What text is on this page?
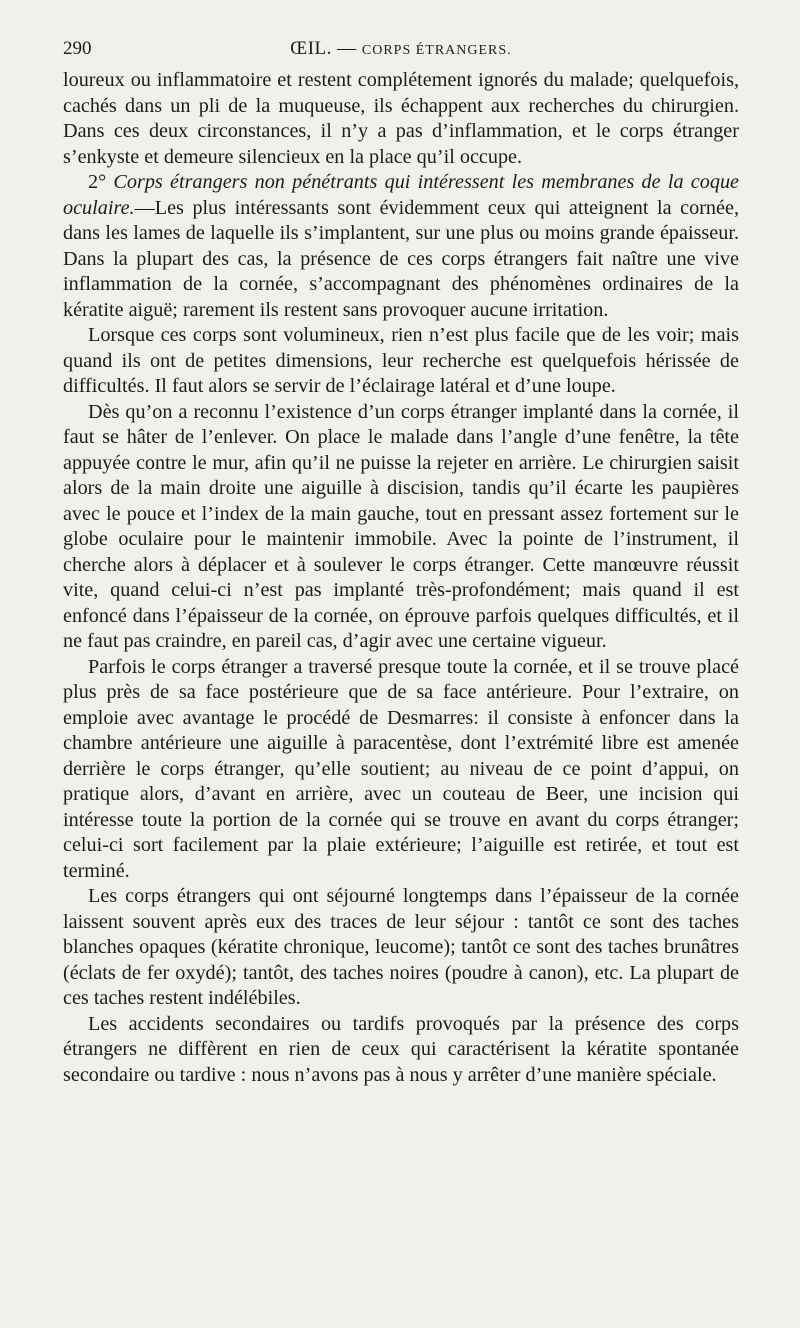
290	ŒIL. — CORPS ÉTRANGERS.

loureux ou inflammatoire et restent complétement ignorés du malade; quelquefois, cachés dans un pli de la muqueuse, ils échappent aux recherches du chirurgien. Dans ces deux circonstances, il n’y a pas d’inflammation, et le corps étranger s’enkyste et demeure silencieux en la place qu’il occupe.

2° Corps étrangers non pénétrants qui intéressent les membranes de la coque oculaire.—Les plus intéressants sont évidemment ceux qui atteignent la cornée, dans les lames de laquelle ils s’implantent, sur une plus ou moins grande épaisseur. Dans la plupart des cas, la présence de ces corps étrangers fait naître une vive inflammation de la cornée, s’accompagnant des phénomènes ordinaires de la kératite aiguë; rarement ils restent sans provoquer aucune irritation.

Lorsque ces corps sont volumineux, rien n’est plus facile que de les voir; mais quand ils ont de petites dimensions, leur recherche est quelquefois hérissée de difficultés. Il faut alors se servir de l’éclairage latéral et d’une loupe.

Dès qu’on a reconnu l’existence d’un corps étranger implanté dans la cornée, il faut se hâter de l’enlever. On place le malade dans l’angle d’une fenêtre, la tête appuyée contre le mur, afin qu’il ne puisse la rejeter en arrière. Le chirurgien saisit alors de la main droite une aiguille à discision, tandis qu’il écarte les paupières avec le pouce et l’index de la main gauche, tout en pressant assez fortement sur le globe oculaire pour le maintenir immobile. Avec la pointe de l’instrument, il cherche alors à déplacer et à soulever le corps étranger. Cette manœuvre réussit vite, quand celui-ci n’est pas implanté très-profondément; mais quand il est enfoncé dans l’épaisseur de la cornée, on éprouve parfois quelques difficultés, et il ne faut pas craindre, en pareil cas, d’agir avec une certaine vigueur.

Parfois le corps étranger a traversé presque toute la cornée, et il se trouve placé plus près de sa face postérieure que de sa face antérieure. Pour l’extraire, on emploie avec avantage le procédé de Desmarres: il consiste à enfoncer dans la chambre antérieure une aiguille à paracentèse, dont l’extrémité libre est amenée derrière le corps étranger, qu’elle soutient; au niveau de ce point d’appui, on pratique alors, d’avant en arrière, avec un couteau de Beer, une incision qui intéresse toute la portion de la cornée qui se trouve en avant du corps étranger; celui-ci sort facilement par la plaie extérieure; l’aiguille est retirée, et tout est terminé.

Les corps étrangers qui ont séjourné longtemps dans l’épaisseur de la cornée laissent souvent après eux des traces de leur séjour : tantôt ce sont des taches blanches opaques (kératite chronique, leucome); tantôt ce sont des taches brunâtres (éclats de fer oxydé); tantôt, des taches noires (poudre à canon), etc. La plupart de ces taches restent indélébiles.

Les accidents secondaires ou tardifs provoqués par la présence des corps étrangers ne diffèrent en rien de ceux qui caractérisent la kératite spontanée secondaire ou tardive : nous n’avons pas à nous y arrêter d’une manière spéciale.
